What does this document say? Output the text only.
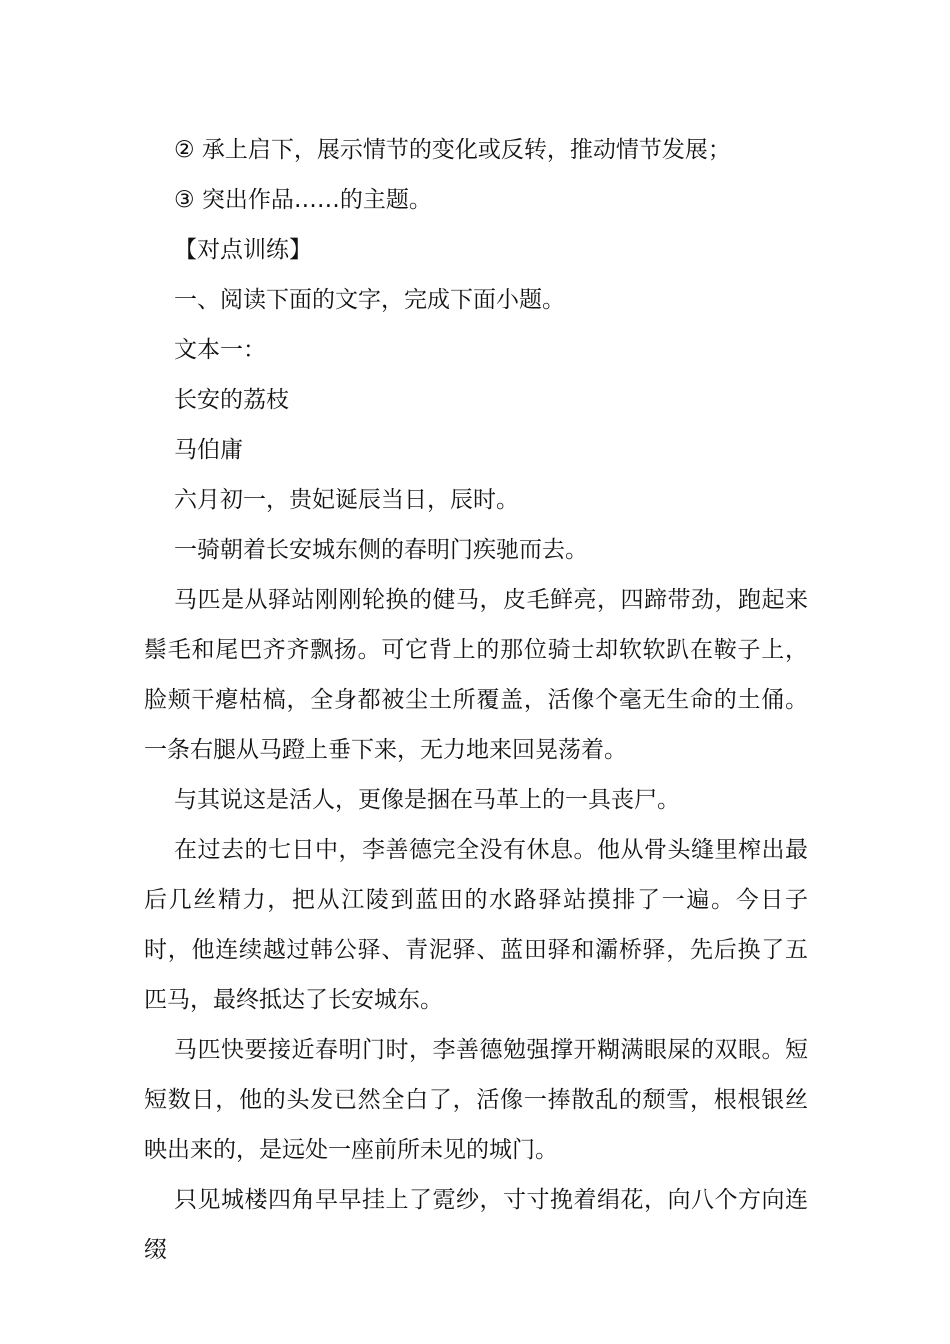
② 承上启下，展示情节的变化或反转，推动情节发展；
③ 突出作品……的主题。
【对点训练】
一、阅读下面的文字，完成下面小题。
文本一：
长安的荔枝
马伯庸
六月初一，贵妃诞辰当日，辰时。
一骑朝着长安城东侧的春明门疾驰而去。

马匹是从驿站刚刚轮换的健马，皮毛鲜亮，四蹄带劲，跑起来鬃毛和尾巴齐齐飘扬。可它背上的那位骑士却软软趴在鞍子上，脸颊干瘪枯槁，全身都被尘土所覆盖，活像个毫无生命的土俑。一条右腿从马蹬上垂下来，无力地来回晃荡着。

与其说这是活人，更像是捆在马革上的一具丧尸。

在过去的七日中，李善德完全没有休息。他从骨头缝里榨出最后几丝精力，把从江陵到蓝田的水路驿站摸排了一遍。今日子时，他连续越过韩公驿、青泥驿、蓝田驿和灞桥驿，先后换了五匹马，最终抵达了长安城东。

马匹快要接近春明门时，李善德勉强撑开糊满眼屎的双眼。短短数日，他的头发已然全白了，活像一捧散乱的颓雪，根根银丝映出来的，是远处一座前所未见的城门。

只见城楼四角早早挂上了霓纱，寸寸挽着绢花，向八个方向连缀
